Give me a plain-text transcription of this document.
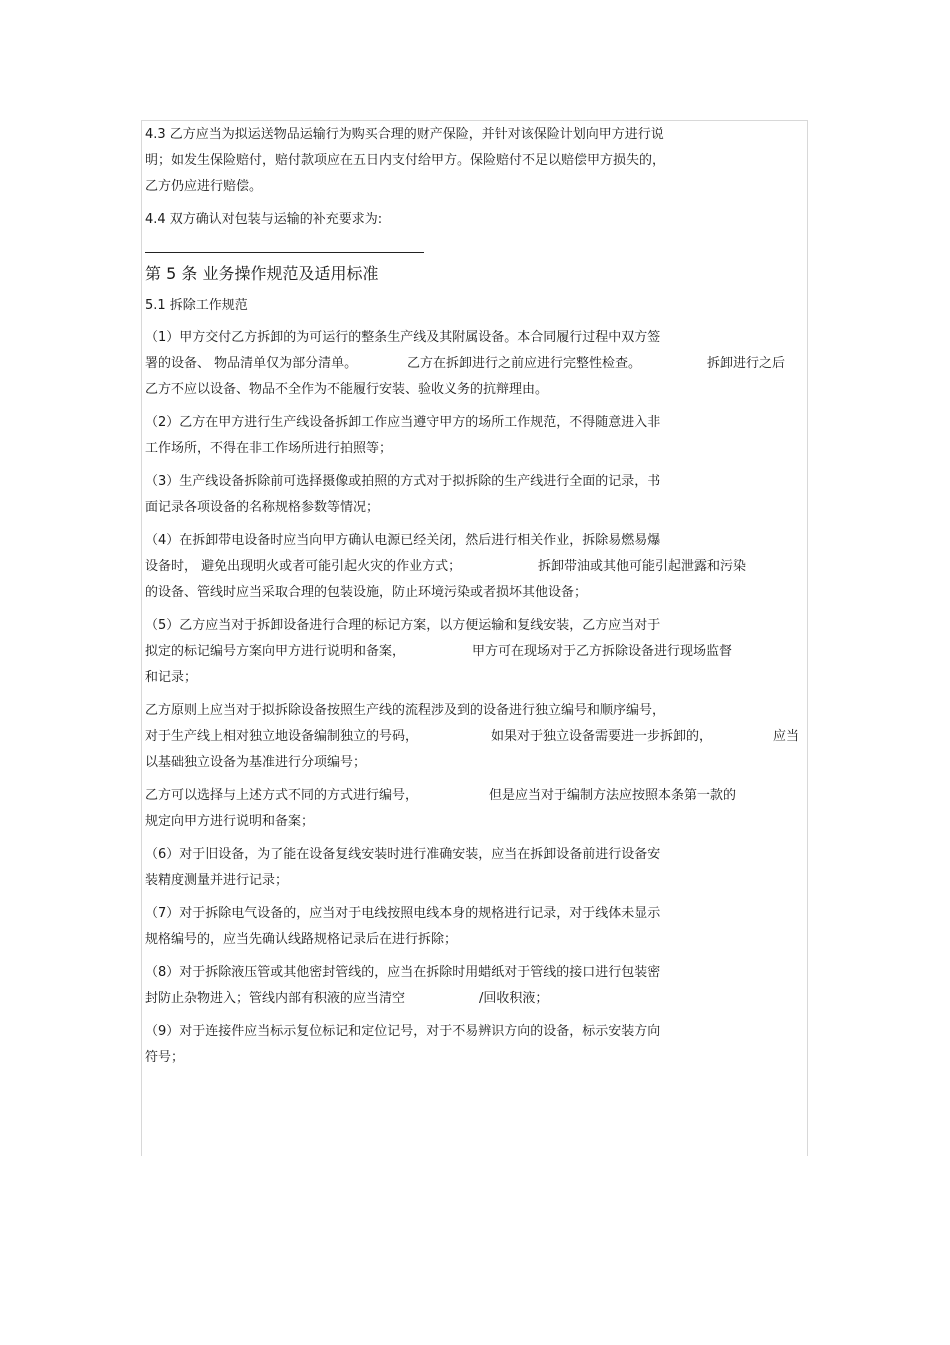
4.3 乙方应当为拟运送物品运输行为购买合理的财产保险，并针对该保险计划向甲方进行说
明；如发生保险赔付，赔付款项应在五日内支付给甲方。保险赔付不足以赔偿甲方损失的，
乙方仍应进行赔偿。
4.4 双方确认对包装与运输的补充要求为:
第 5 条 业务操作规范及适用标准
5.1 拆除工作规范
（1）甲方交付乙方拆卸的为可运行的整条生产线及其附属设备。本合同履行过程中双方签
署的设备、 物品清单仅为部分清单。	乙方在拆卸进行之前应进行完整性检查。	拆卸进行之后
乙方不应以设备、物品不全作为不能履行安装、验收义务的抗辩理由。
（2）乙方在甲方进行生产线设备拆卸工作应当遵守甲方的场所工作规范，不得随意进入非
工作场所，不得在非工作场所进行拍照等；
（3）生产线设备拆除前可选择摄像或拍照的方式对于拟拆除的生产线进行全面的记录，书
面记录各项设备的名称规格参数等情况；
（4）在拆卸带电设备时应当向甲方确认电源已经关闭，然后进行相关作业，拆除易燃易爆
设备时， 避免出现明火或者可能引起火灾的作业方式；	拆卸带油或其他可能引起泄露和污染
的设备、管线时应当采取合理的包装设施，防止环境污染或者损坏其他设备；
（5）乙方应当对于拆卸设备进行合理的标记方案，以方便运输和复线安装，乙方应当对于
拟定的标记编号方案向甲方进行说明和备案，	甲方可在现场对于乙方拆除设备进行现场监督
和记录；
乙方原则上应当对于拟拆除设备按照生产线的流程涉及到的设备进行独立编号和顺序编号，
对于生产线上相对独立地设备编制独立的号码，	如果对于独立设备需要进一步拆卸的，	应当
以基础独立设备为基准进行分项编号；
乙方可以选择与上述方式不同的方式进行编号，	但是应当对于编制方法应按照本条第一款的
规定向甲方进行说明和备案；
（6）对于旧设备，为了能在设备复线安装时进行准确安装，应当在拆卸设备前进行设备安
装精度测量并进行记录；
（7）对于拆除电气设备的，应当对于电线按照电线本身的规格进行记录，对于线体未显示
规格编号的，应当先确认线路规格记录后在进行拆除；
（8）对于拆除液压管或其他密封管线的，应当在拆除时用蜡纸对于管线的接口进行包装密
封防止杂物进入；管线内部有积液的应当清空	/回收积液；
（9）对于连接件应当标示复位标记和定位记号，对于不易辨识方向的设备，标示安装方向
符号；
